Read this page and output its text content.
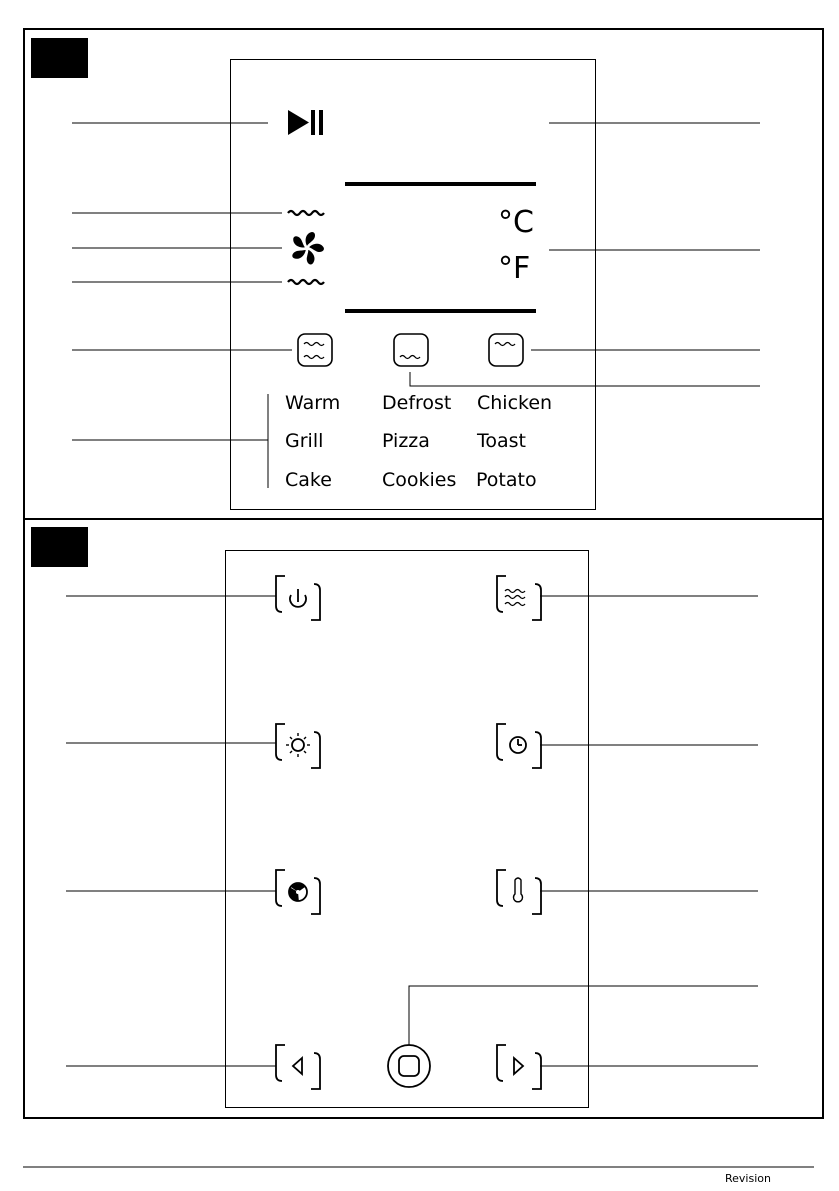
Warm Defrost Chicken
Grill	Pizza Toast
Cake	Cookies Potato
°C
°F
Revision
